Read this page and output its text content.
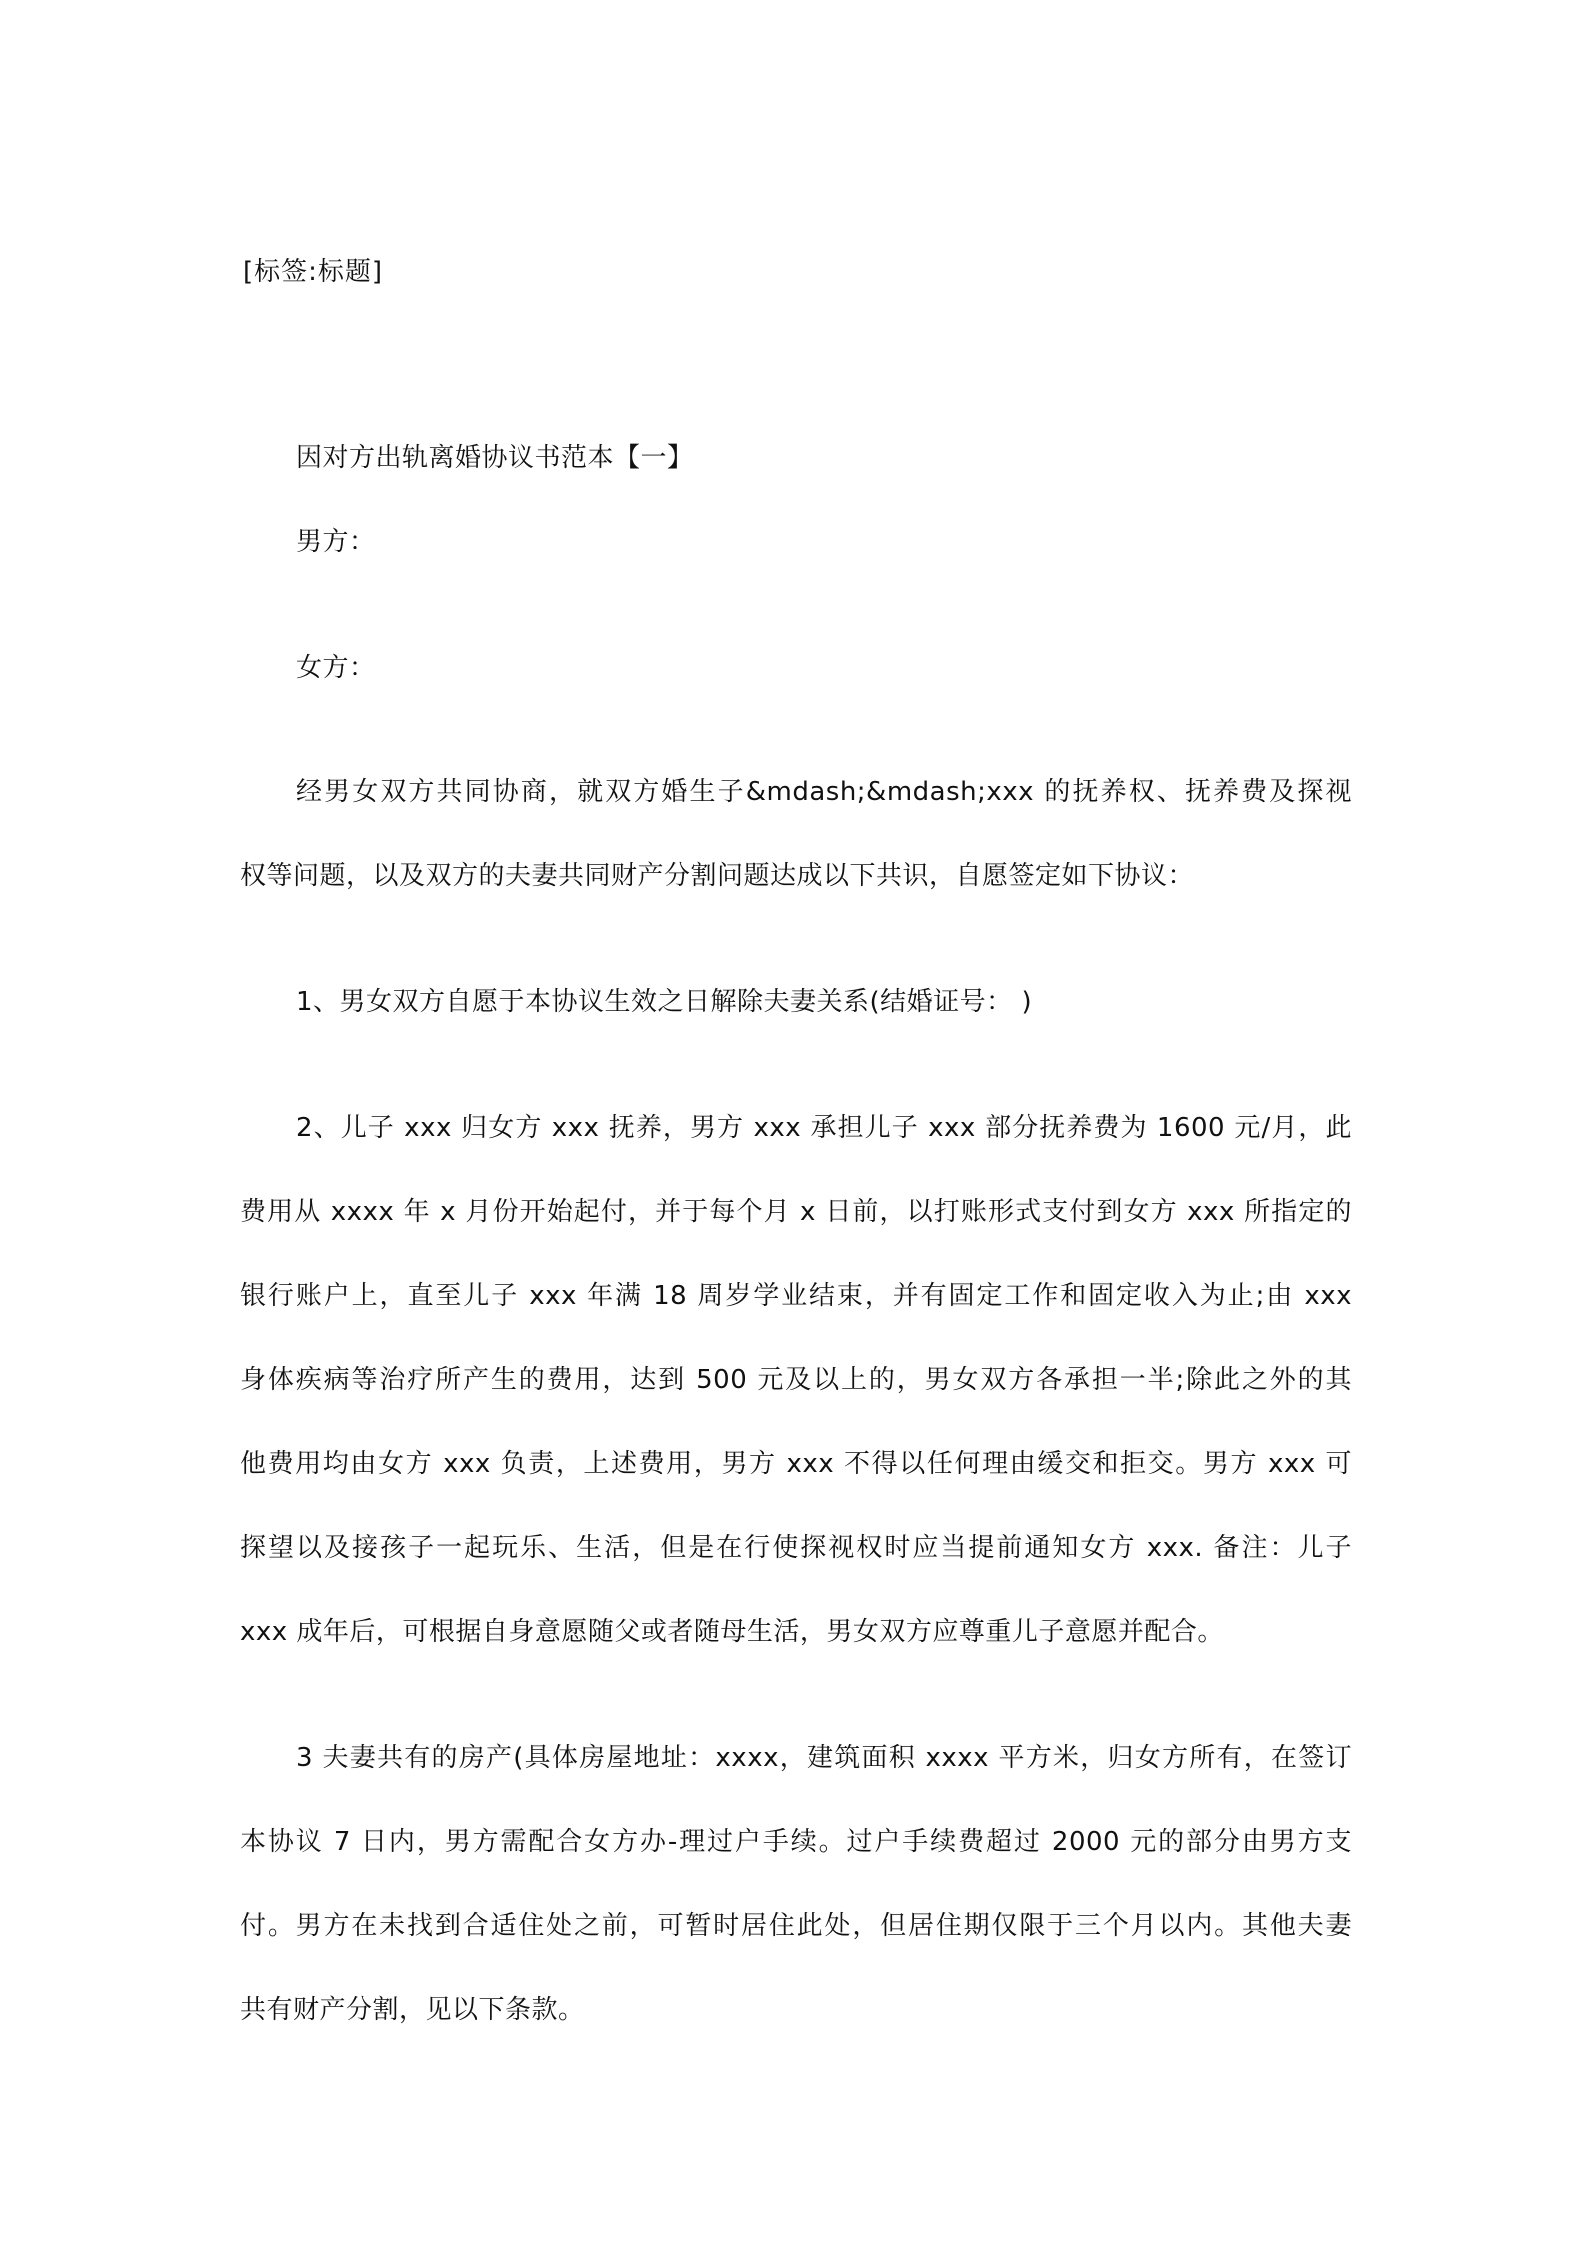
[标签:标题]
因对方出轨离婚协议书范本【一】
男方：
女方：
经男女双方共同协商，就双方婚生子&mdash;&mdash;xxx 的抚养权、抚养费及探视
权等问题，以及双方的夫妻共同财产分割问题达成以下共识，自愿签定如下协议：
1、男女双方自愿于本协议生效之日解除夫妻关系(结婚证号： )
2、儿子 xxx 归女方 xxx 抚养，男方 xxx 承担儿子 xxx 部分抚养费为 1600 元/月，此
费用从 xxxx 年 x 月份开始起付，并于每个月 x 日前，以打账形式支付到女方 xxx 所指定的
银行账户上，直至儿子 xxx 年满 18 周岁学业结束，并有固定工作和固定收入为止;由 xxx
身体疾病等治疗所产生的费用，达到 500 元及以上的，男女双方各承担一半;除此之外的其
他费用均由女方 xxx 负责，上述费用，男方 xxx 不得以任何理由缓交和拒交。男方 xxx 可
探望以及接孩子一起玩乐、生活，但是在行使探视权时应当提前通知女方 xxx. 备注：儿子
xxx 成年后，可根据自身意愿随父或者随母生活，男女双方应尊重儿子意愿并配合。
3 夫妻共有的房产(具体房屋地址：xxxx，建筑面积 xxxx 平方米，归女方所有，在签订
本协议 7 日内，男方需配合女方办-理过户手续。过户手续费超过 2000 元的部分由男方支
付。男方在未找到合适住处之前，可暂时居住此处，但居住期仅限于三个月以内。其他夫妻
共有财产分割，见以下条款。
